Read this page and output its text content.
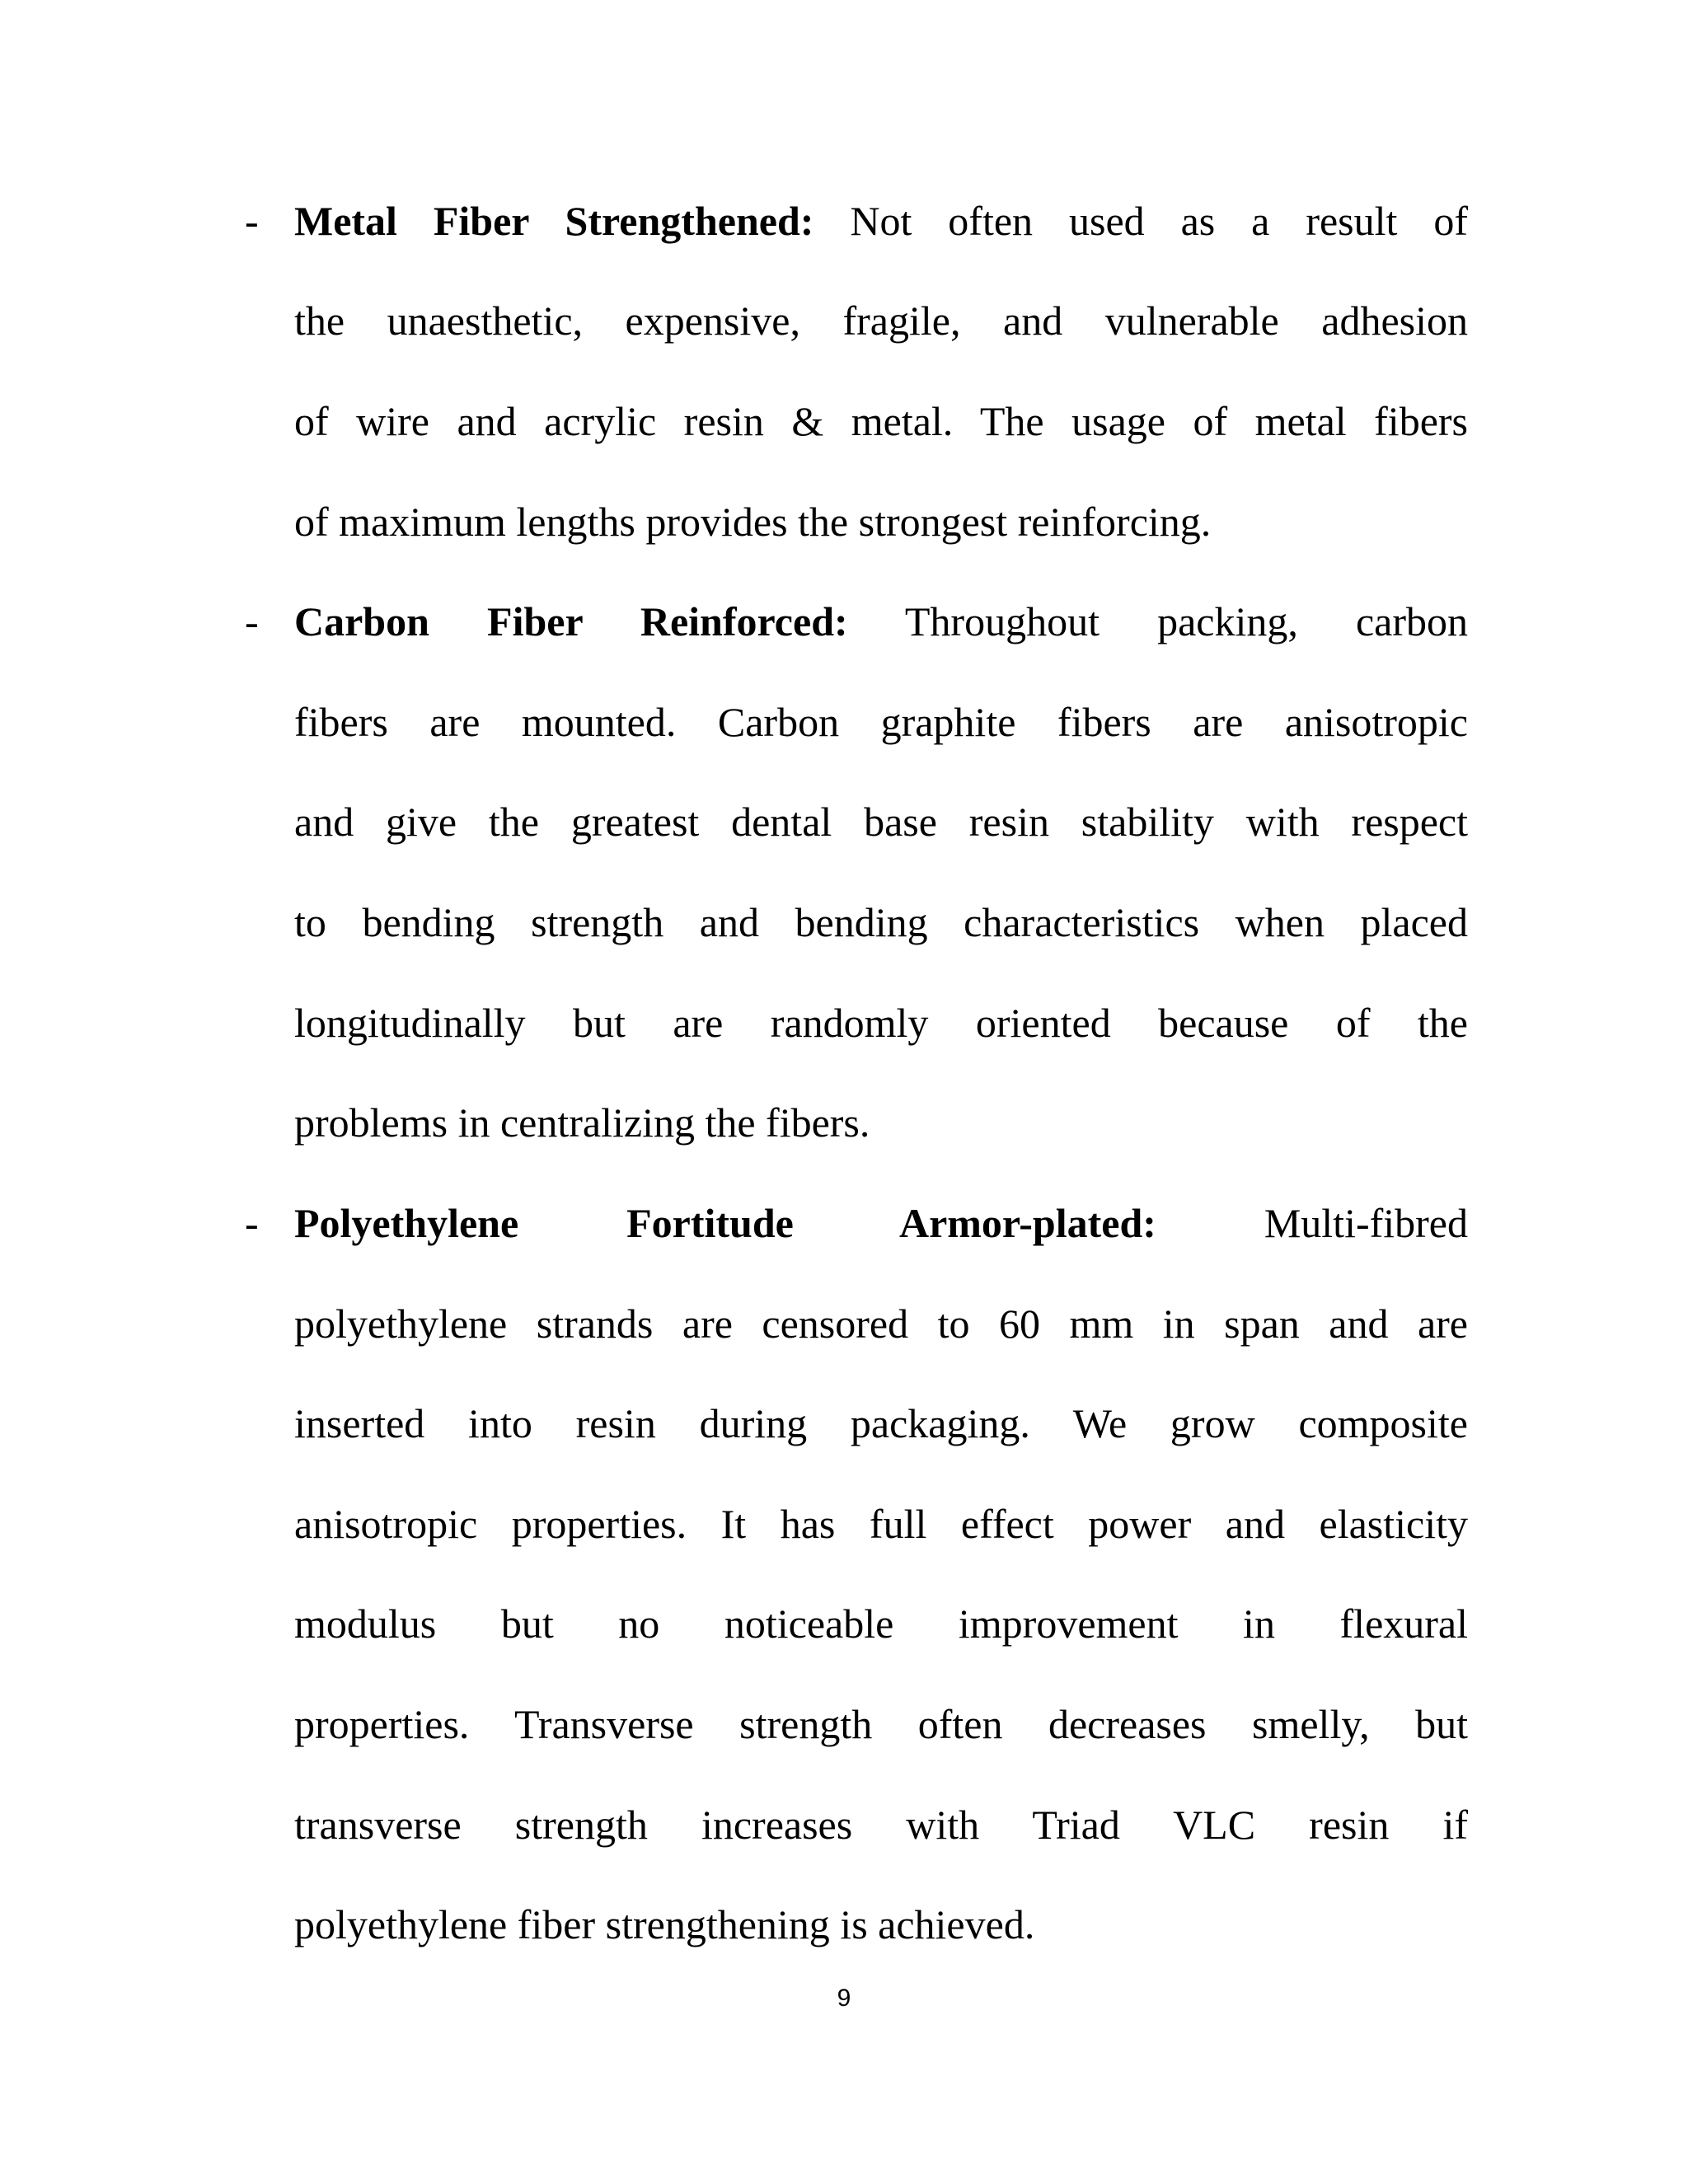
- Metal Fiber Strengthened: Not often used as a result of
the unaesthetic, expensive, fragile, and vulnerable adhesion
of wire and acrylic resin & metal. The usage of metal fibers
of maximum lengths provides the strongest reinforcing.
- Carbon Fiber Reinforced: Throughout packing, carbon
fibers are mounted. Carbon graphite fibers are anisotropic
and give the greatest dental base resin stability with respect
to bending strength and bending characteristics when placed
longitudinally but are randomly oriented because of the
problems in centralizing the fibers.
- Polyethylene Fortitude Armor-plated:	Multi-fibred
polyethylene strands are censored to 60 mm in span and are
inserted into resin during packaging. We grow composite
anisotropic properties. It has full effect power and elasticity
modulus but no noticeable improvement in flexural
properties. Transverse strength often decreases smelly, but
transverse strength increases with Triad VLC resin if
polyethylene fiber strengthening is achieved.
9
